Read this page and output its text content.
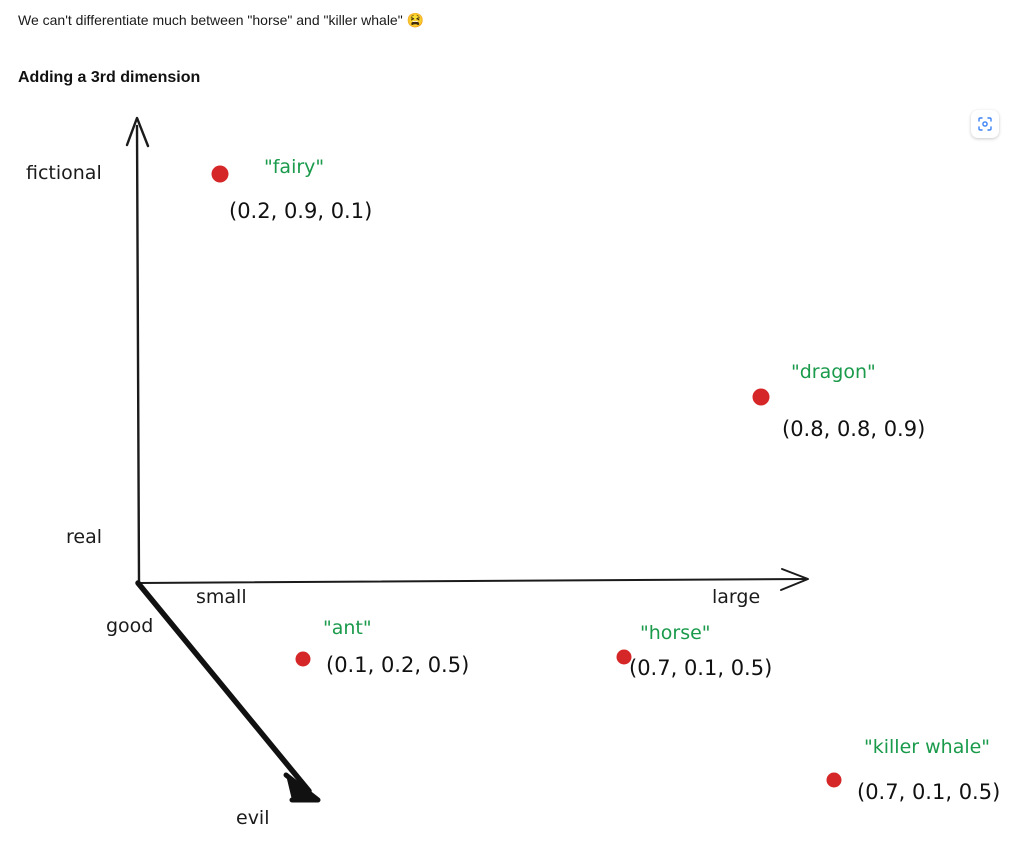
We can't differentiate much between "horse" and "killer whale" 😫
Adding a 3rd dimension
fictional
real
small	large
good
evil
"fairy"
(0.2, 0.9, 0.1)
"dragon"
(0.8, 0.8, 0.9)
"ant"
(0.1, 0.2, 0.5)
"horse"
(0.7, 0.1, 0.5)
"killer whale"
(0.7, 0.1, 0.5)
